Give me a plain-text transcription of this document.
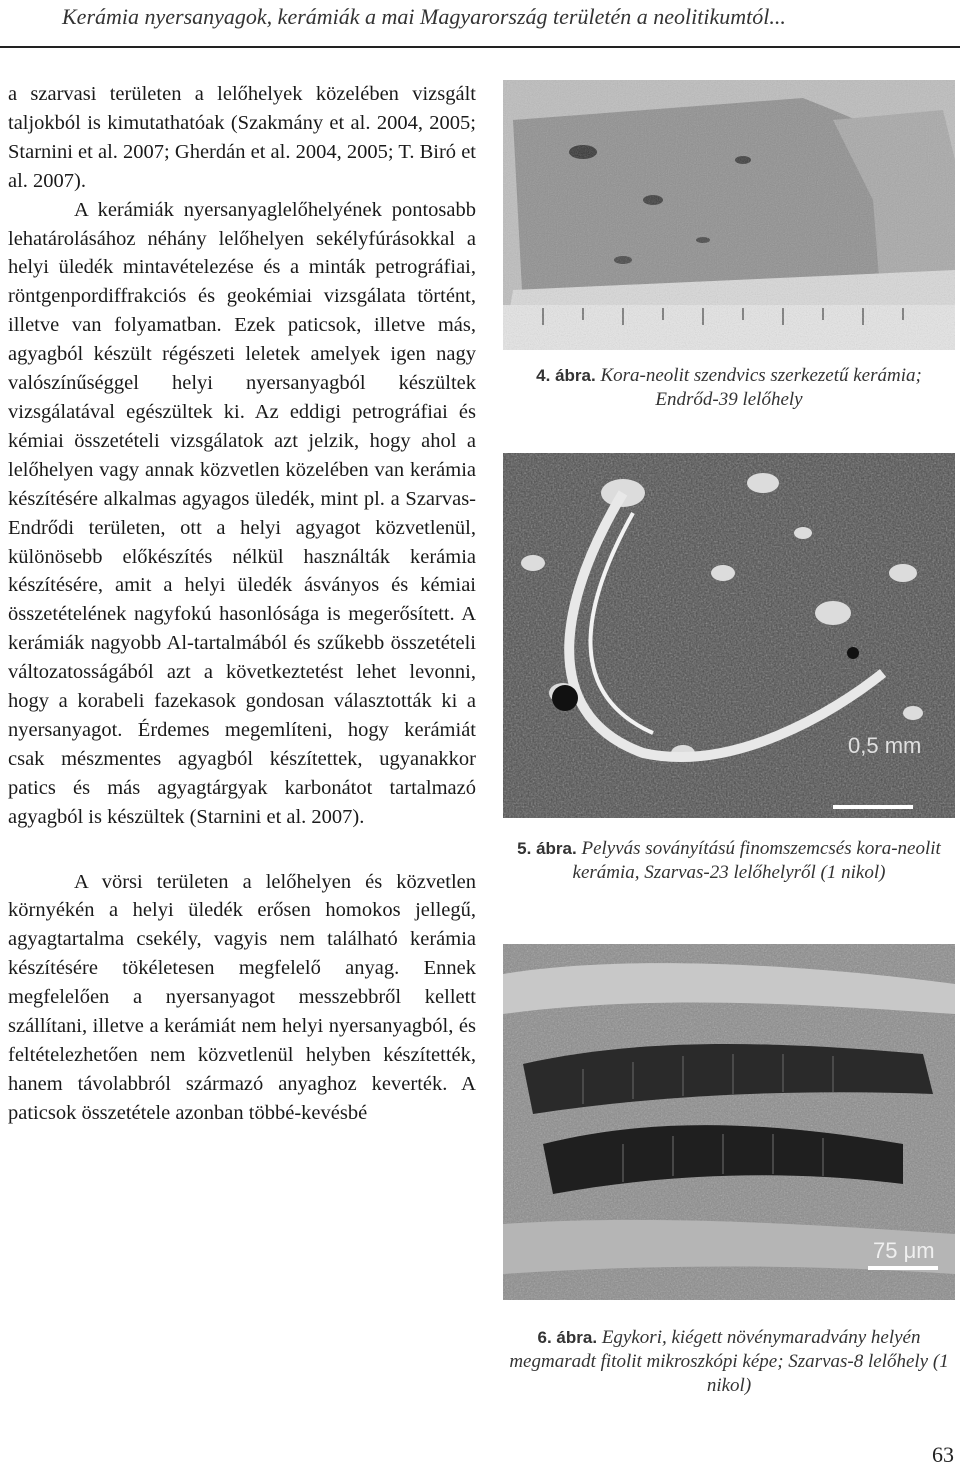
Kerámia nyersanyagok, kerámiák a mai Magyarország területén a neolitikumtól...

a szarvasi területen a lelőhelyek közelében vizsgált taljokból is kimutathatóak (Szakmány et al. 2004, 2005; Starnini et al. 2007; Gherdán et al. 2004, 2005; T. Biró et al. 2007).

A kerámiák nyersanyaglelőhelyének pontosabb lehatárolásához néhány lelőhelyen sekélyfúrásokkal a helyi üledék mintavételezése és a minták petrográfiai, röntgenpordiffrakciós és geokémiai vizsgálata történt, illetve van folyamatban. Ezek paticsok, illetve más, agyagból készült régészeti leletek amelyek igen nagy valószínűséggel helyi nyersanyagból készültek vizsgálatával egészültek ki. Az eddigi petrográfiai és kémiai összetételi vizsgálatok azt jelzik, hogy ahol a lelőhelyen vagy annak közvetlen közelében van kerámia készítésére alkalmas agyagos üledék, mint pl. a Szarvas-Endrődi területen, ott a helyi agyagot közvetlenül, különösebb előkészítés nélkül használták kerámia készítésére, amit a helyi üledék ásványos és kémiai összetételének nagyfokú hasonlósága is megerősített. A kerámiák nagyobb Al-tartalmából és szűkebb összetételi változatosságából azt a következtetést lehet levonni, hogy a korabeli fazekasok gondosan választották ki a nyersanyagot. Érdemes megemlíteni, hogy kerámiát csak mészmentes agyagból készítettek, ugyanakkor patics és más agyagtárgyak karbonátot tartalmazó agyagból is készültek (Starnini et al. 2007).

A vörsi területen a lelőhelyen és közvetlen környékén a helyi üledék erősen homokos jellegű, agyagtartalma csekély, vagyis nem található kerámia készítésére tökéletesen megfelelő anyag. Ennek megfelelően a nyersanyagot messzebbről kellett szállítani, illetve a kerámiát nem helyi nyersanyagból, és feltételezhetően nem közvetlenül helyben készítették, hanem távolabbról származó anyaghoz keverték. A paticsok összetétele azonban többé-kevésbé

0,5 mm
75 μm
4. ábra. Kora-neolit szendvics szerkezetű kerámia; Endrőd-39 lelőhely
5. ábra. Pelyvás soványítású finomszemcsés kora-neolit kerámia, Szarvas-23 lelőhelyről (1 nikol)
6. ábra. Egykori, kiégett növénymaradvány helyén megmaradt fitolit mikroszkópi képe; Szarvas-8 lelőhely (1 nikol)
63
